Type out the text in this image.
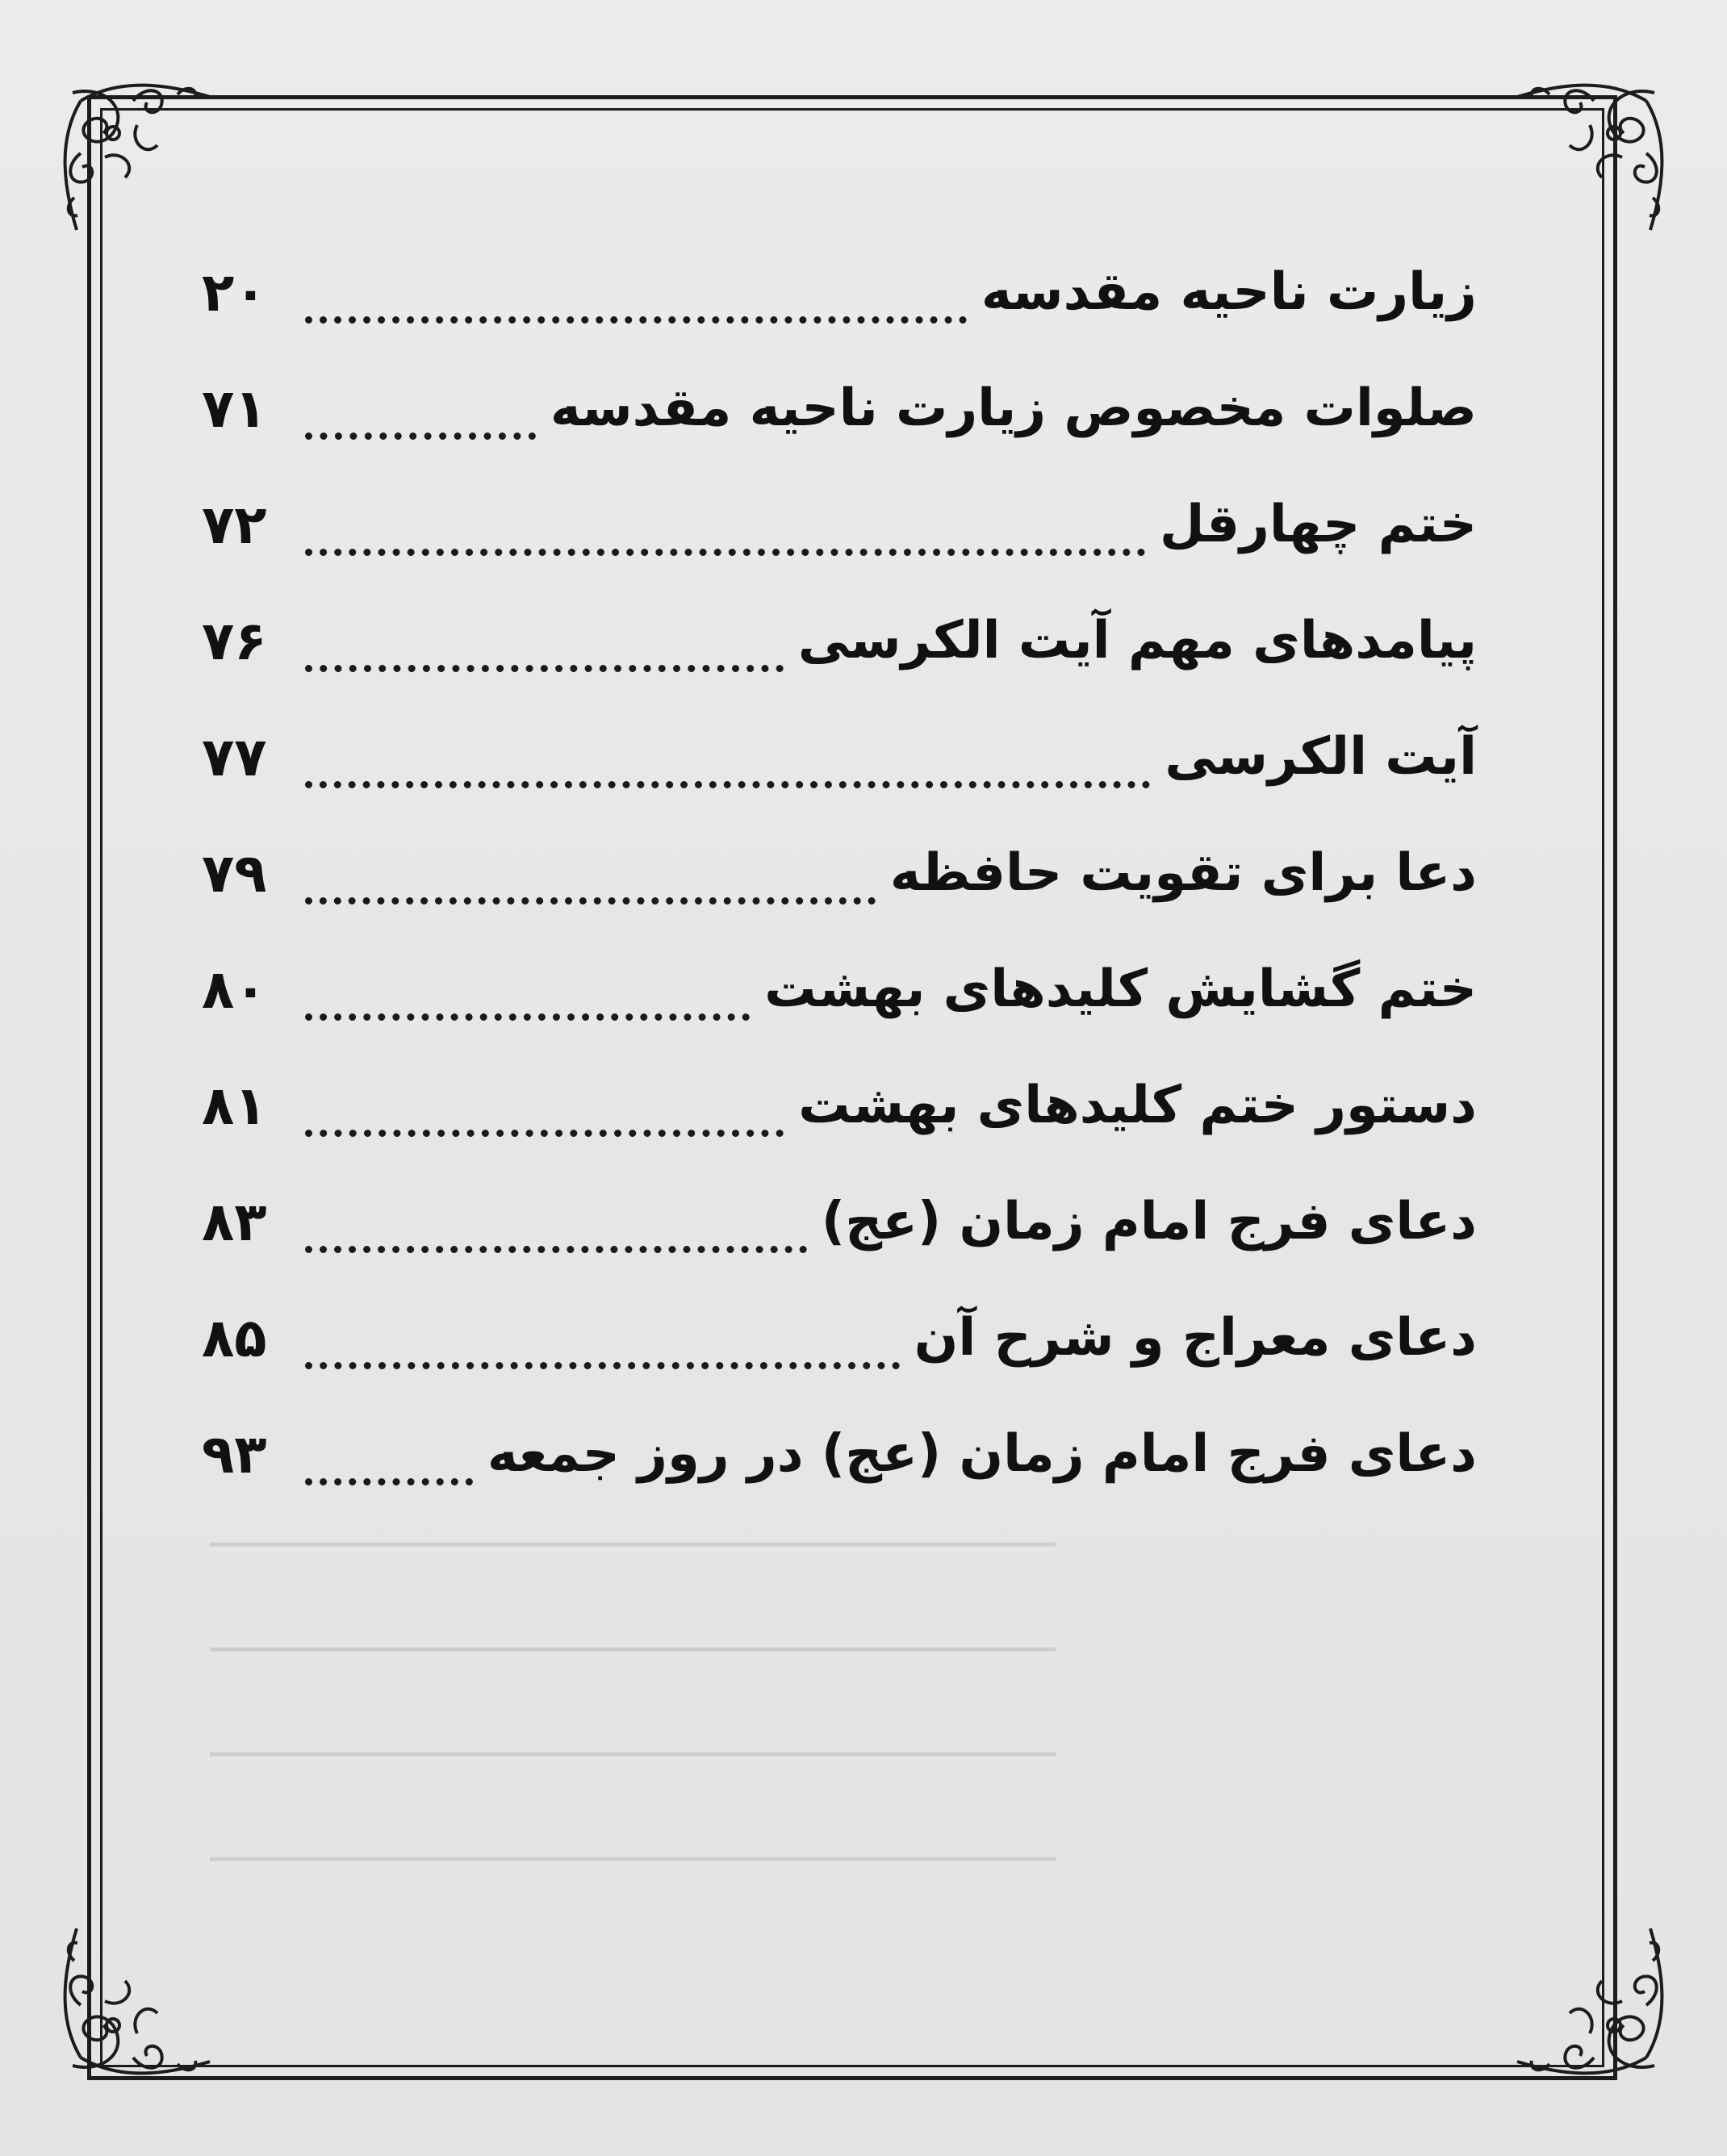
──────────────────────────────
──────────────────────────────
──────────────────────────────
──────────────────────────────
زیارت ناحیه مقدسه
۲۰
صلوات مخصوص زیارت ناحیه مقدسه
۷۱
ختم چهارقل
۷۲
پیامدهای مهم آیت الکرسی
۷۶
آیت الکرسی
۷۷
دعا برای تقویت حافظه
۷۹
ختم گشایش کلیدهای بهشت
۸۰
دستور ختم کلیدهای بهشت
۸۱
دعای فرج امام زمان (عج)
۸۳
دعای معراج و شرح آن
۸۵
دعای فرج امام زمان (عج) در روز جمعه
۹۳
